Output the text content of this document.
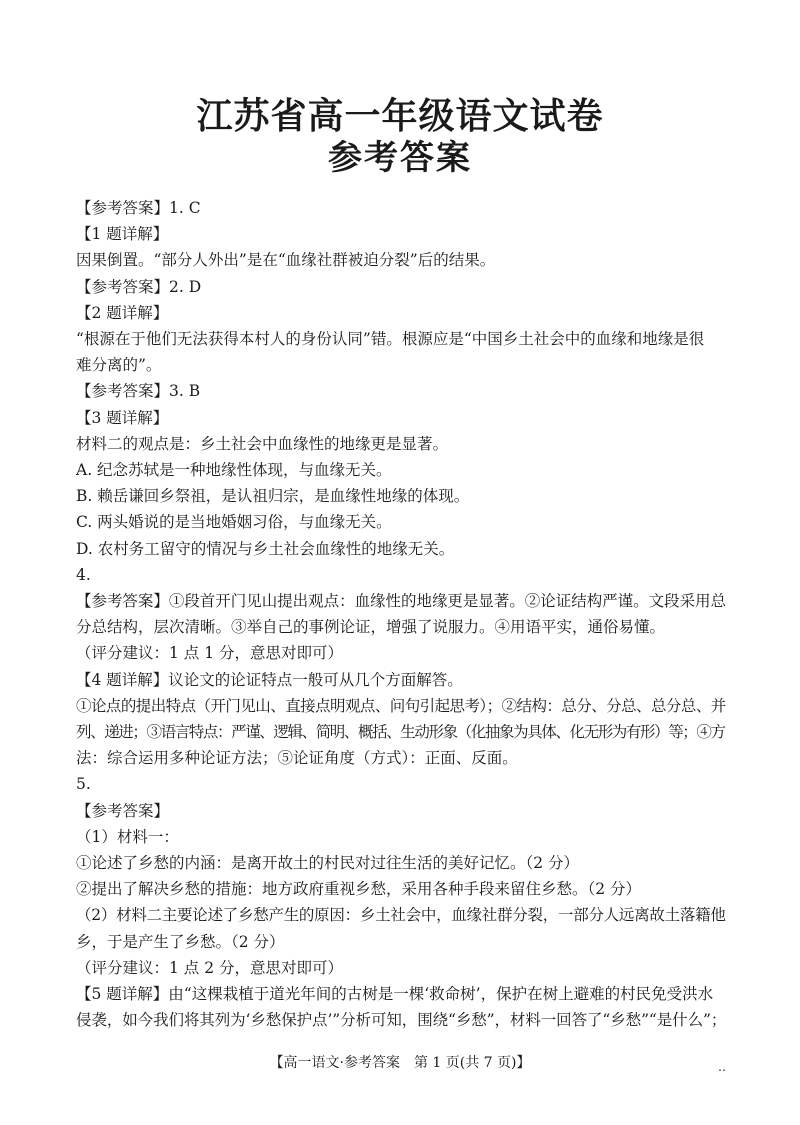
江苏省高一年级语文试卷
参考答案

【参考答案】1. C

【1 题详解】

因果倒置。“部分人外出”是在“血缘社群被迫分裂”后的结果。

【参考答案】2. D

【2 题详解】

“根源在于他们无法获得本村人的身份认同”错。根源应是“中国乡土社会中的血缘和地缘是很

难分离的”。

【参考答案】3. B

【3 题详解】

材料二的观点是：乡土社会中血缘性的地缘更是显著。

A. 纪念苏轼是一种地缘性体现，与血缘无关。

B. 赖岳谦回乡祭祖，是认祖归宗，是血缘性地缘的体现。

C. 两头婚说的是当地婚姻习俗，与血缘无关。

D. 农村务工留守的情况与乡土社会血缘性的地缘无关。

4.

【参考答案】①段首开门见山提出观点：血缘性的地缘更是显著。②论证结构严谨。文段采用总

分总结构，层次清晰。③举自己的事例论证，增强了说服力。④用语平实，通俗易懂。

（评分建议：1 点 1 分，意思对即可）

【4 题详解】议论文的论证特点一般可从几个方面解答。

①论点的提出特点（开门见山、直接点明观点、问句引起思考）；②结构：总分、分总、总分总、并

列、递进；③语言特点：严谨、逻辑、简明、概括、生动形象（化抽象为具体、化无形为有形）等；④方

法：综合运用多种论证方法；⑤论证角度（方式）：正面、反面。

5.

【参考答案】

（1）材料一：

①论述了乡愁的内涵：是离开故土的村民对过往生活的美好记忆。（2 分）

②提出了解决乡愁的措施：地方政府重视乡愁，采用各种手段来留住乡愁。（2 分）

（2）材料二主要论述了乡愁产生的原因：乡土社会中，血缘社群分裂，一部分人远离故土落籍他

乡，于是产生了乡愁。（2 分）

（评分建议：1 点 2 分，意思对即可）

【5 题详解】由“这棵栽植于道光年间的古树是一棵‘救命树’，保护在树上避难的村民免受洪水

侵袭，如今我们将其列为‘乡愁保护点’”分析可知，围绕“乡愁”，材料一回答了“乡愁”“是什么”；

【高一语文·参考答案　第 1 页(共 7 页)】	‥
